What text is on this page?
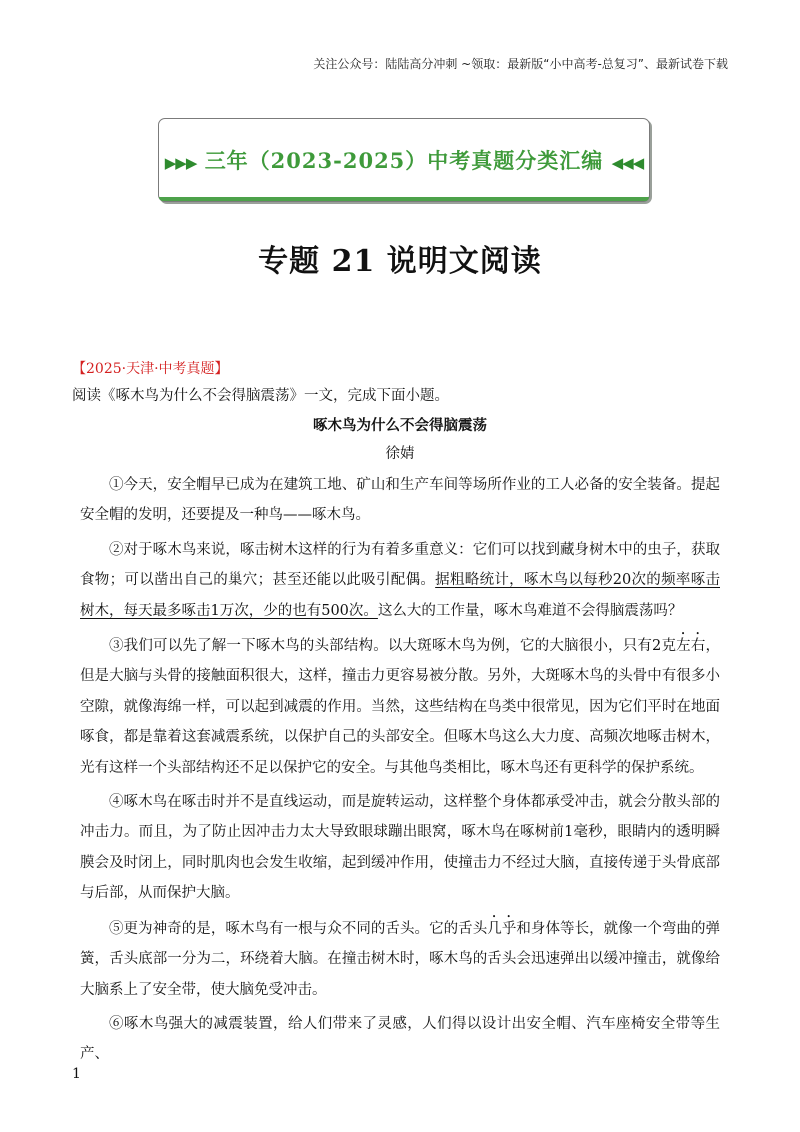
关注公众号：陆陆高分冲刺 ~领取：最新版“小中高考-总复习”、最新试卷下载
▶▶▶ 三年（2023-2025）中考真题分类汇编 ◀◀◀
专题 21 说明文阅读
【2025·天津·中考真题】
阅读《啄木鸟为什么不会得脑震荡》一文，完成下面小题。
啄木鸟为什么不会得脑震荡
徐婧

①今天，安全帽早已成为在建筑工地、矿山和生产车间等场所作业的工人必备的安全装备。提起安全帽的发明，还要提及一种鸟——啄木鸟。

②对于啄木鸟来说，啄击树木这样的行为有着多重意义：它们可以找到藏身树木中的虫子，获取食物；可以凿出自己的巢穴；甚至还能以此吸引配偶。据粗略统计，啄木鸟以每秒20次的频率啄击树木，每天最多啄击1万次，少的也有500次。这么大的工作量，啄木鸟难道不会得脑震荡吗？

③我们可以先了解一下啄木鸟的头部结构。以大斑啄木鸟为例，它的大脑很小，只有2克左右，但是大脑与头骨的接触面积很大，这样，撞击力更容易被分散。另外，大斑啄木鸟的头骨中有很多小空隙，就像海绵一样，可以起到减震的作用。当然，这些结构在鸟类中很常见，因为它们平时在地面啄食，都是靠着这套减震系统，以保护自己的头部安全。但啄木鸟这么大力度、高频次地啄击树木，光有这样一个头部结构还不足以保护它的安全。与其他鸟类相比，啄木鸟还有更科学的保护系统。

④啄木鸟在啄击时并不是直线运动，而是旋转运动，这样整个身体都承受冲击，就会分散头部的冲击力。而且，为了防止因冲击力太大导致眼球蹦出眼窝，啄木鸟在啄树前1毫秒，眼睛内的透明瞬膜会及时闭上，同时肌肉也会发生收缩，起到缓冲作用，使撞击力不经过大脑，直接传递于头骨底部与后部，从而保护大脑。

⑤更为神奇的是，啄木鸟有一根与众不同的舌头。它的舌头几乎和身体等长，就像一个弯曲的弹簧，舌头底部一分为二，环绕着大脑。在撞击树木时，啄木鸟的舌头会迅速弹出以缓冲撞击，就像给大脑系上了安全带，使大脑免受冲击。

⑥啄木鸟强大的减震装置，给人们带来了灵感，人们得以设计出安全帽、汽车座椅安全带等生产、

1
